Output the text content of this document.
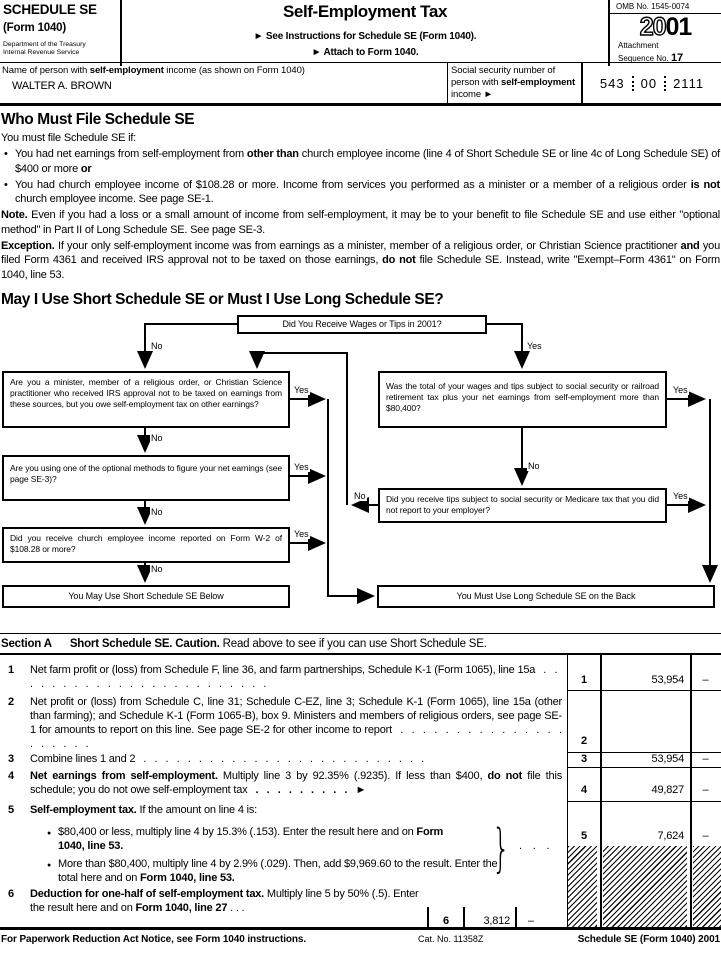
SCHEDULE SE
(Form 1040)
Department of the Treasury
Internal Revenue Service
Self-Employment Tax
► See Instructions for Schedule SE (Form 1040).
► Attach to Form 1040.
OMB No. 1545-0074
2001
Attachment
Sequence No. 17
Name of person with self-employment income (as shown on Form 1040)
WALTER A. BROWN
Social security number of person with self-employment income ►
543 00 2111
Who Must File Schedule SE
You must file Schedule SE if:
• You had net earnings from self-employment from other than church employee income (line 4 of Short Schedule SE or line 4c of Long Schedule SE) of $400 or more or
• You had church employee income of $108.28 or more. Income from services you performed as a minister or a member of a religious order is not church employee income. See page SE-1.
Note. Even if you had a loss or a small amount of income from self-employment, it may be to your benefit to file Schedule SE and use either "optional method" in Part II of Long Schedule SE. See page SE-3.
Exception. If your only self-employment income was from earnings as a minister, member of a religious order, or Christian Science practitioner and you filed Form 4361 and received IRS approval not to be taxed on those earnings, do not file Schedule SE. Instead, write "Exempt–Form 4361" on Form 1040, line 53.
May I Use Short Schedule SE or Must I Use Long Schedule SE?
Did You Receive Wages or Tips in 2001?
Are you a minister, member of a religious order, or Christian Science practitioner who received IRS approval not to be taxed on earnings from these sources, but you owe self-employment tax on other earnings?
Was the total of your wages and tips subject to social security or railroad retirement tax plus your net earnings from self-employment more than $80,400?
Are you using one of the optional methods to figure your net earnings (see page SE-3)?
Did you receive tips subject to social security or Medicare tax that you did not report to your employer?
Did you receive church employee income reported on Form W-2 of $108.28 or more?
You May Use Short Schedule SE Below	You Must Use Long Schedule SE on the Back
No	Yes
Yes
No
Yes
No
Yes
No
Yes
No
Yes
No
Section A Short Schedule SE. Caution. Read above to see if you can use Short Schedule SE.
1 Net farm profit or (loss) from Schedule F, line 36, and farm partnerships, Schedule K-1 (Form 1065), line 15a . . . . . . . . . . . . . . . . . . . . . . . .
2 Net profit or (loss) from Schedule C, line 31; Schedule C-EZ, line 3; Schedule K-1 (Form 1065), line 15a (other than farming); and Schedule K-1 (Form 1065-B), box 9. Ministers and members of religious orders, see page SE-1 for amounts to report on this line. See page SE-2 for other income to report . . . . . . . . . . . . . . . . . . . . .
3 Combine lines 1 and 2 . . . . . . . . . . . . . . . . . . . . . . . . . .
4 Net earnings from self-employment. Multiply line 3 by 92.35% (.9235). If less than $400, do not file this schedule; you do not owe self-employment tax . . . . . . . . . ►
5 Self-employment tax. If the amount on line 4 is:
● $80,400 or less, multiply line 4 by 15.3% (.153). Enter the result here and on Form 1040, line 53.
● More than $80,400, multiply line 4 by 2.9% (.029). Then, add $9,969.60 to the result. Enter the total here and on Form 1040, line 53.	} . . .
6 Deduction for one-half of self-employment tax. Multiply line 5 by 50% (.5). Enter the result here and on Form 1040, line 27 . . .
6	3,812	–
1	53,954	–
2
3	53,954	–
4	49,827	–
5	7,624	–
For Paperwork Reduction Act Notice, see Form 1040 instructions.	Cat. No. 11358Z	Schedule SE (Form 1040) 2001
